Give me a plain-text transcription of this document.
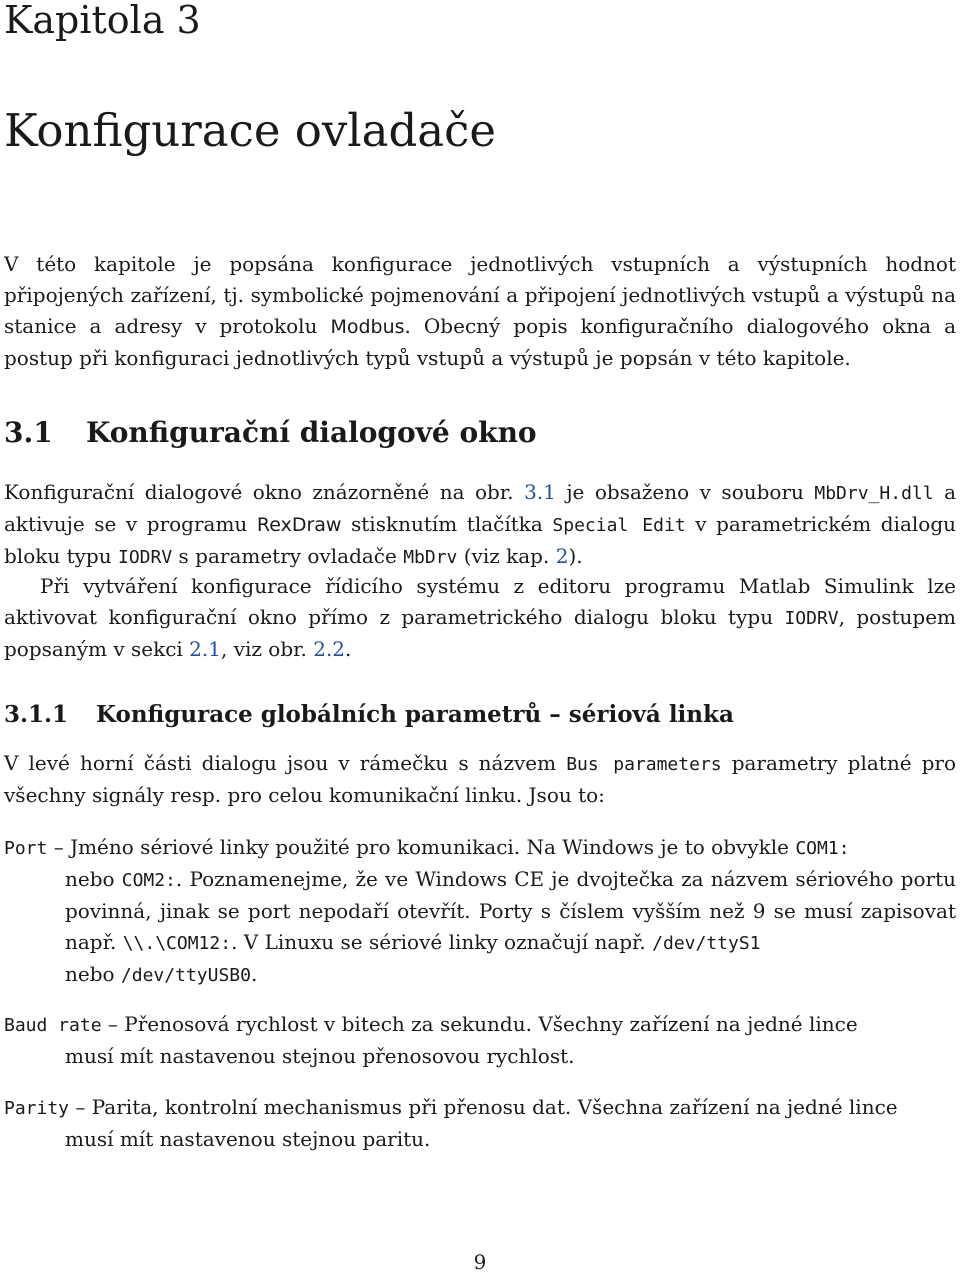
Kapitola 3
Konfigurace ovladače

V této kapitole je popsána konfigurace jednotlivých vstupních a výstupních hodnot připojených zařízení, tj. symbolické pojmenování a připojení jednotlivých vstupů a výstupů na stanice a adresy v protokolu Modbus. Obecný popis konfiguračního dialogového okna a postup při konfiguraci jednotlivých typů vstupů a výstupů je popsán v této kapitole.

3.1 Konfigurační dialogové okno

Konfigurační dialogové okno znázorněné na obr. 3.1 je obsaženo v souboru MbDrv_H.dll a aktivuje se v programu RexDraw stisknutím tlačítka Special Edit v parametrickém dialogu bloku typu IODRV s parametry ovladače MbDrv (viz kap. 2).

Při vytváření konfigurace řídicího systému z editoru programu Matlab Simulink lze aktivovat konfigurační okno přímo z parametrického dialogu bloku typu IODRV, postupem popsaným v sekci 2.1, viz obr. 2.2.

3.1.1 Konfigurace globálních parametrů – sériová linka

V levé horní části dialogu jsou v rámečku s názvem Bus parameters parametry platné pro všechny signály resp. pro celou komunikační linku. Jsou to:

Port – Jméno sériové linky použité pro komunikaci. Na Windows je to obvykle COM1:
nebo COM2:. Poznamenejme, že ve Windows CE je dvojtečka za názvem sériového portu povinná, jinak se port nepodaří otevřít. Porty s číslem vyšším než 9 se musí zapisovat např. \\.\COM12:. V Linuxu se sériové linky označují např. /dev/ttyS1
nebo /dev/ttyUSB0.
Baud rate – Přenosová rychlost v bitech za sekundu. Všechny zařízení na jedné lince
musí mít nastavenou stejnou přenosovou rychlost.
Parity – Parita, kontrolní mechanismus při přenosu dat. Všechna zařízení na jedné lince
musí mít nastavenou stejnou paritu.
9
